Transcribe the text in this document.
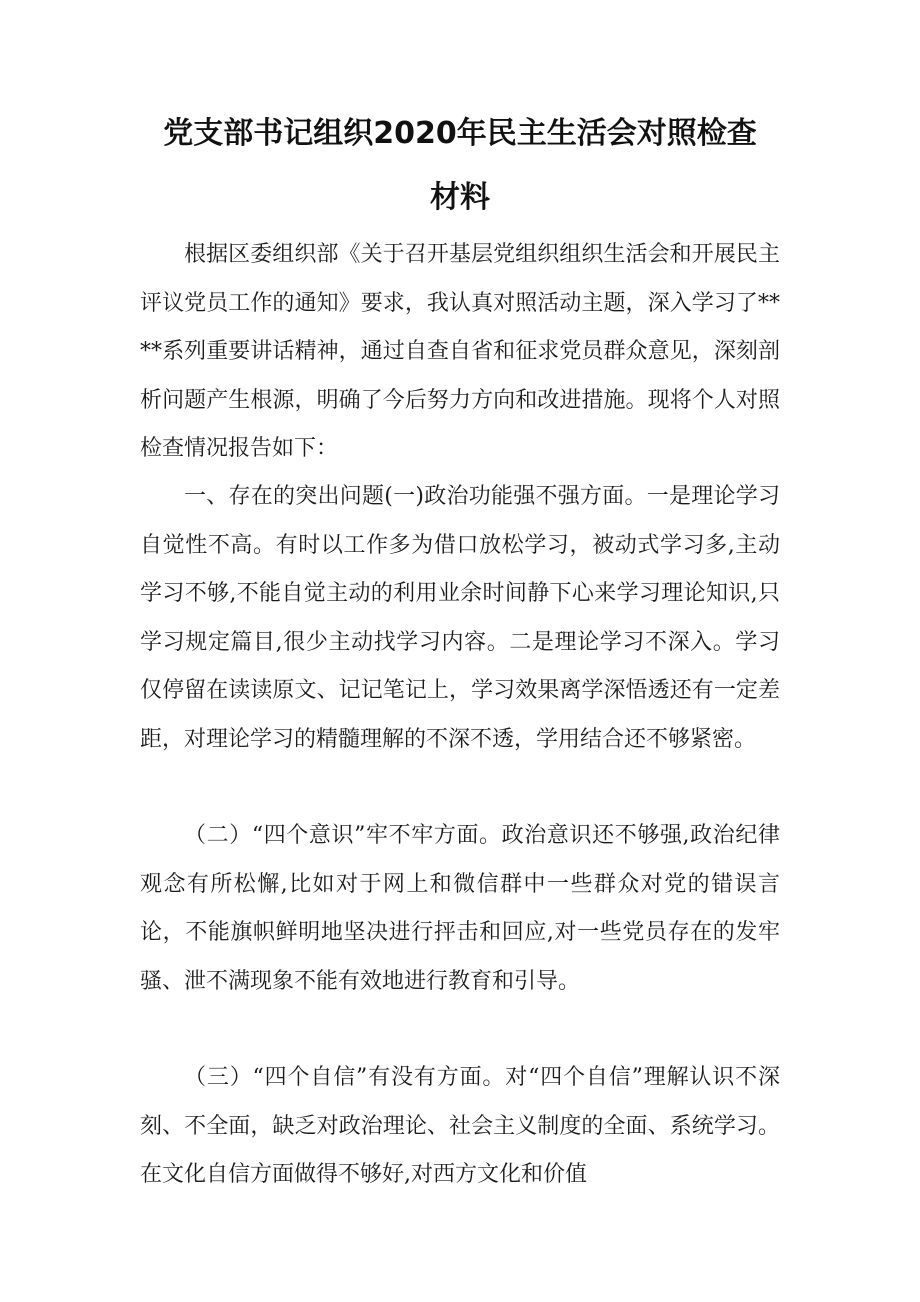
党支部书记组织2020年民主生活会对照检查
材料

根据区委组织部《关于召开基层党组织组织生活会和开展民主评议党员工作的通知》要求，我认真对照活动主题，深入学习了****系列重要讲话精神，通过自查自省和征求党员群众意见，深刻剖析问题产生根源，明确了今后努力方向和改进措施。现将个人对照检查情况报告如下：

一、存在的突出问题(一)政治功能强不强方面。一是理论学习自觉性不高。有时以工作多为借口放松学习，被动式学习多,主动学习不够,不能自觉主动的利用业余时间静下心来学习理论知识,只学习规定篇目,很少主动找学习内容。二是理论学习不深入。学习仅停留在读读原文、记记笔记上，学习效果离学深悟透还有一定差距，对理论学习的精髓理解的不深不透，学用结合还不够紧密。

（二）“四个意识”牢不牢方面。政治意识还不够强,政治纪律观念有所松懈,比如对于网上和微信群中一些群众对党的错误言论，不能旗帜鲜明地坚决进行抨击和回应,对一些党员存在的发牢骚、泄不满现象不能有效地进行教育和引导。

（三）“四个自信”有没有方面。对“四个自信”理解认识不深刻、不全面，缺乏对政治理论、社会主义制度的全面、系统学习。在文化自信方面做得不够好,对西方文化和价值
